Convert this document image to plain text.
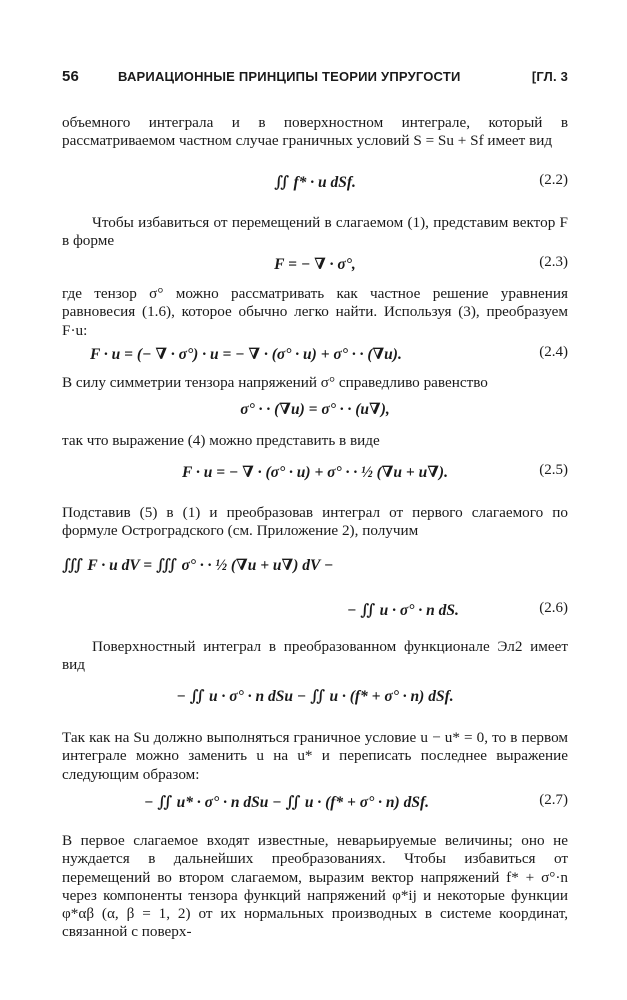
56	ВАРИАЦИОННЫЕ ПРИНЦИПЫ ТЕОРИИ УПРУГОСТИ	[ГЛ. 3

объемного интеграла и в поверхностном интеграле, который в рассматриваемом частном случае граничных условий S = Su + Sf имеет вид

∬ f* · u dSf.	(2.2)

Чтобы избавиться от перемещений в слагаемом (1), представим вектор F в форме

F = − ∇ · σ°,	(2.3)

где тензор σ° можно рассматривать как частное решение уравнения равновесия (1.6), которое обычно легко найти. Используя (3), преобразуем F·u:

F · u = (− ∇ · σ°) · u = − ∇ · (σ° · u) + σ° · · (∇u).	(2.4)

В силу симметрии тензора напряжений σ° справедливо равенство

σ° · · (∇u) = σ° · · (u∇),

так что выражение (4) можно представить в виде

F · u = − ∇ · (σ° · u) + σ° · · ½ (∇u + u∇).	(2.5)

Подставив (5) в (1) и преобразовав интеграл от первого слагаемого по формуле Остроградского (см. Приложение 2), получим

∭ F · u dV = ∭ σ° · · ½ (∇u + u∇) dV −
− ∬ u · σ° · n dS.	(2.6)

Поверхностный интеграл в преобразованном функционале Эл2 имеет вид

− ∬ u · σ° · n dSu − ∬ u · (f* + σ° · n) dSf.

Так как на Su должно выполняться граничное условие u − u* = 0, то в первом интеграле можно заменить u на u* и переписать последнее выражение следующим образом:

− ∬ u* · σ° · n dSu − ∬ u · (f* + σ° · n) dSf.	(2.7)

В первое слагаемое входят известные, неварьируемые величины; оно не нуждается в дальнейших преобразованиях. Чтобы избавиться от перемещений во втором слагаемом, выразим вектор напряжений f* + σ°·n через компоненты тензора функций напряжений φ*ij и некоторые функции φ*αβ (α, β = 1, 2) от их нормальных производных в системе координат, связанной с поверх-
